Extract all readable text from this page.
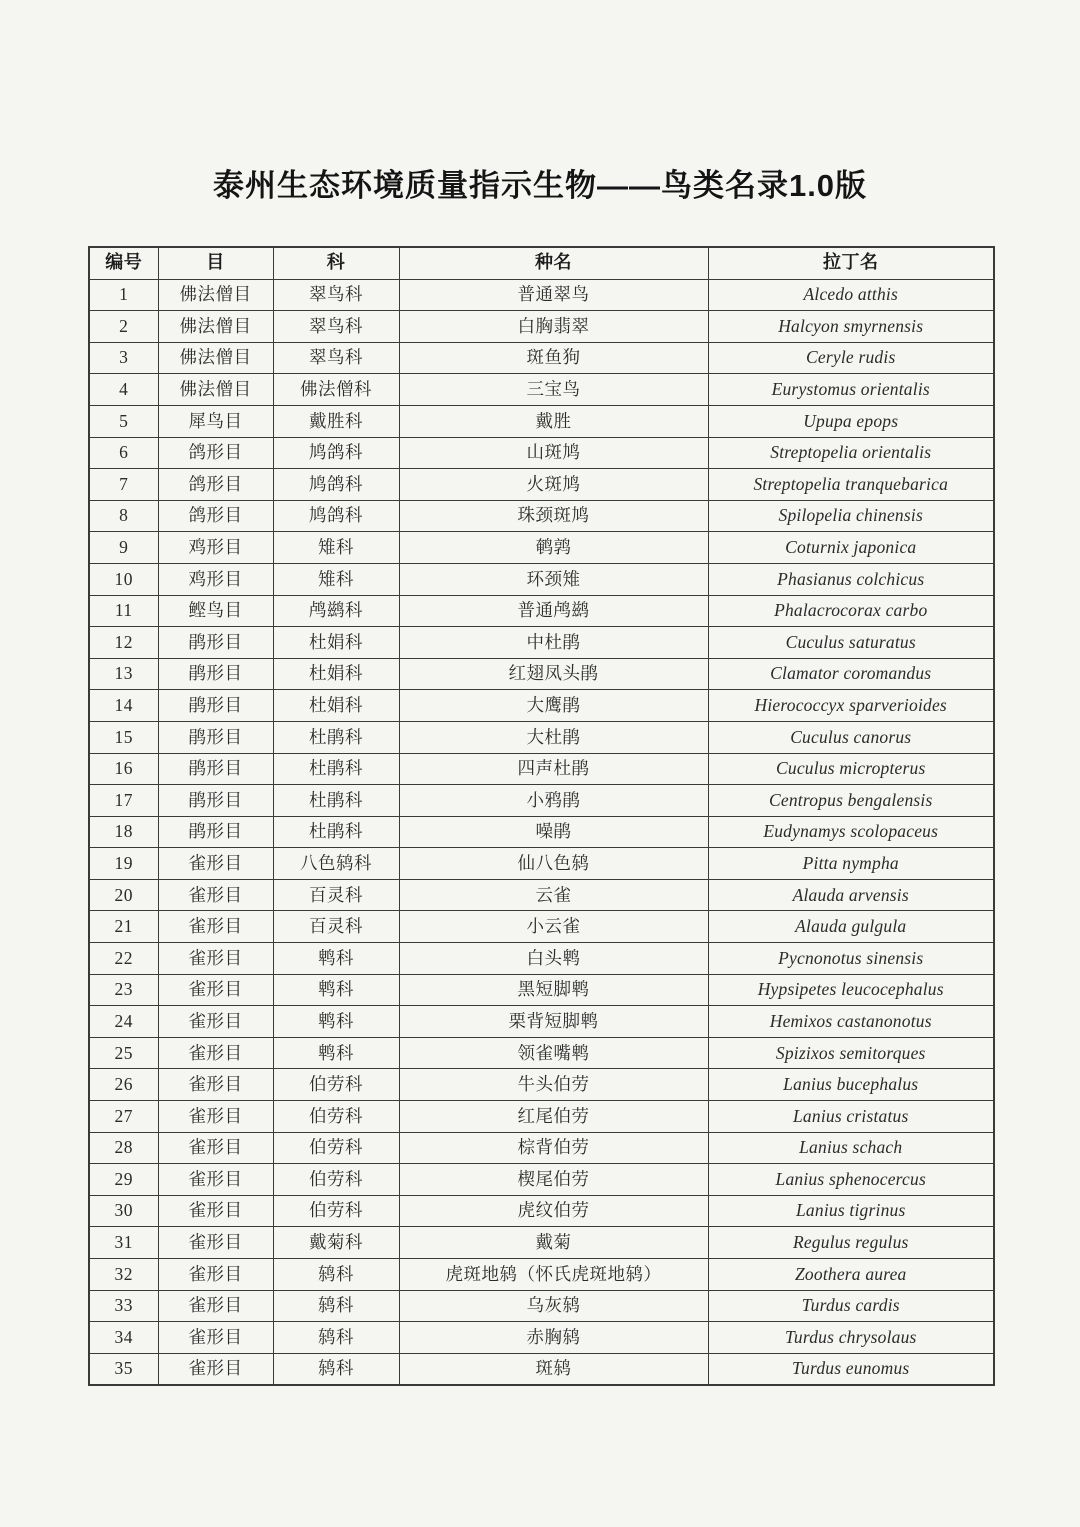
泰州生态环境质量指示生物——鸟类名录1.0版
编号	目	科	种名	拉丁名
1	佛法僧目	翠鸟科	普通翠鸟	Alcedo atthis
2	佛法僧目	翠鸟科	白胸翡翠	Halcyon smyrnensis
3	佛法僧目	翠鸟科	斑鱼狗	Ceryle rudis
4	佛法僧目	佛法僧科	三宝鸟	Eurystomus orientalis
5	犀鸟目	戴胜科	戴胜	Upupa epops
6	鸽形目	鸠鸽科	山斑鸠	Streptopelia orientalis
7	鸽形目	鸠鸽科	火斑鸠	Streptopelia tranquebarica
8	鸽形目	鸠鸽科	珠颈斑鸠	Spilopelia chinensis
9	鸡形目	雉科	鹌鹑	Coturnix japonica
10	鸡形目	雉科	环颈雉	Phasianus colchicus
11	鲣鸟目	鸬鹚科	普通鸬鹚	Phalacrocorax carbo
12	鹃形目	杜娟科	中杜鹃	Cuculus saturatus
13	鹃形目	杜娟科	红翅凤头鹃	Clamator coromandus
14	鹃形目	杜娟科	大鹰鹃	Hierococcyx sparverioides
15	鹃形目	杜鹃科	大杜鹃	Cuculus canorus
16	鹃形目	杜鹃科	四声杜鹃	Cuculus micropterus
17	鹃形目	杜鹃科	小鸦鹃	Centropus bengalensis
18	鹃形目	杜鹃科	噪鹃	Eudynamys scolopaceus
19	雀形目	八色鸫科	仙八色鸫	Pitta nympha
20	雀形目	百灵科	云雀	Alauda arvensis
21	雀形目	百灵科	小云雀	Alauda gulgula
22	雀形目	鹎科	白头鹎	Pycnonotus sinensis
23	雀形目	鹎科	黑短脚鹎	Hypsipetes leucocephalus
24	雀形目	鹎科	栗背短脚鹎	Hemixos castanonotus
25	雀形目	鹎科	领雀嘴鹎	Spizixos semitorques
26	雀形目	伯劳科	牛头伯劳	Lanius bucephalus
27	雀形目	伯劳科	红尾伯劳	Lanius cristatus
28	雀形目	伯劳科	棕背伯劳	Lanius schach
29	雀形目	伯劳科	楔尾伯劳	Lanius sphenocercus
30	雀形目	伯劳科	虎纹伯劳	Lanius tigrinus
31	雀形目	戴菊科	戴菊	Regulus regulus
32	雀形目	鸫科	虎斑地鸫（怀氏虎斑地鸫）	Zoothera aurea
33	雀形目	鸫科	乌灰鸫	Turdus cardis
34	雀形目	鸫科	赤胸鸫	Turdus chrysolaus
35	雀形目	鸫科	斑鸫	Turdus eunomus
